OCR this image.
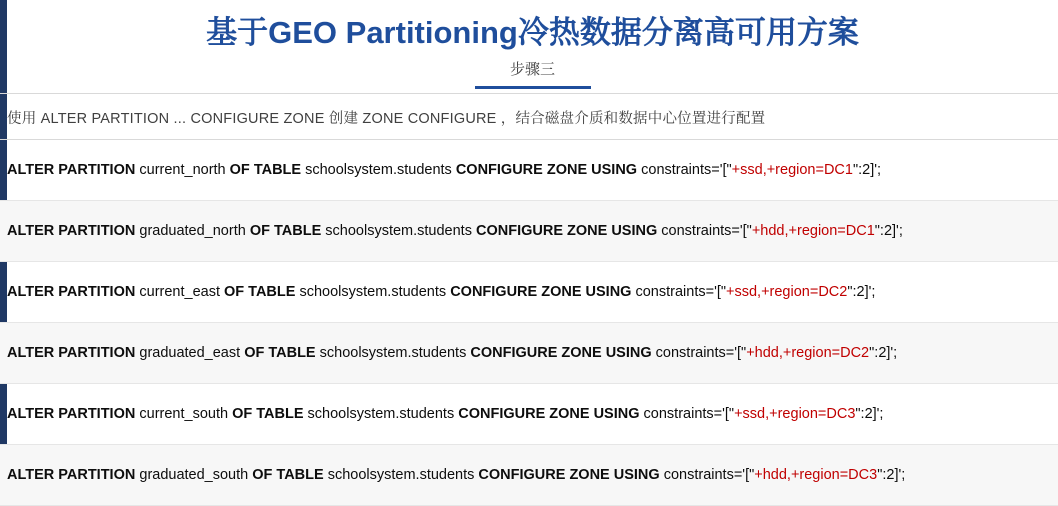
基于GEO Partitioning冷热数据分离高可用方案
步骤三
使用 ALTER PARTITION ... CONFIGURE ZONE 创建 ZONE CONFIGURE ，结合磁盘介质和数据中心位置进行配置
ALTER PARTITION current_north OF TABLE schoolsystem.students CONFIGURE ZONE USING constraints='["+ssd,+region=DC1":2]';
ALTER PARTITION graduated_north OF TABLE schoolsystem.students CONFIGURE ZONE USING constraints='["+hdd,+region=DC1":2]';
ALTER PARTITION current_east OF TABLE schoolsystem.students CONFIGURE ZONE USING constraints='["+ssd,+region=DC2":2]';
ALTER PARTITION graduated_east OF TABLE schoolsystem.students CONFIGURE ZONE USING constraints='["+hdd,+region=DC2":2]';
ALTER PARTITION current_south OF TABLE schoolsystem.students CONFIGURE ZONE USING constraints='["+ssd,+region=DC3":2]';
ALTER PARTITION graduated_south OF TABLE schoolsystem.students CONFIGURE ZONE USING constraints='["+hdd,+region=DC3":2]';
